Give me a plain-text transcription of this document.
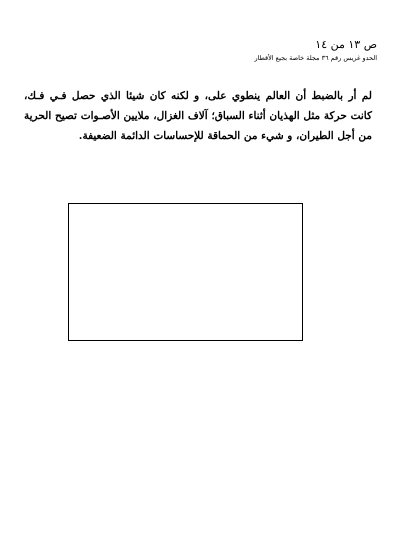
ص ١٣ من ١٤
الحدو غريس رقم ٣٦ مجلة خاصة بجيع الأقطار

لم أر بالضبط أن العالم ينطوي على، و لكنه كان شيئا الذي حصل فـي فـك، كانت حركة مثل الهذيان أثناء السباق؛ آلاف الغزال، ملايين الأصـوات تصيح الحرية من أجل الطيران، و شيء من الحماقة للإحساسات الدائمة الضعيفة.
